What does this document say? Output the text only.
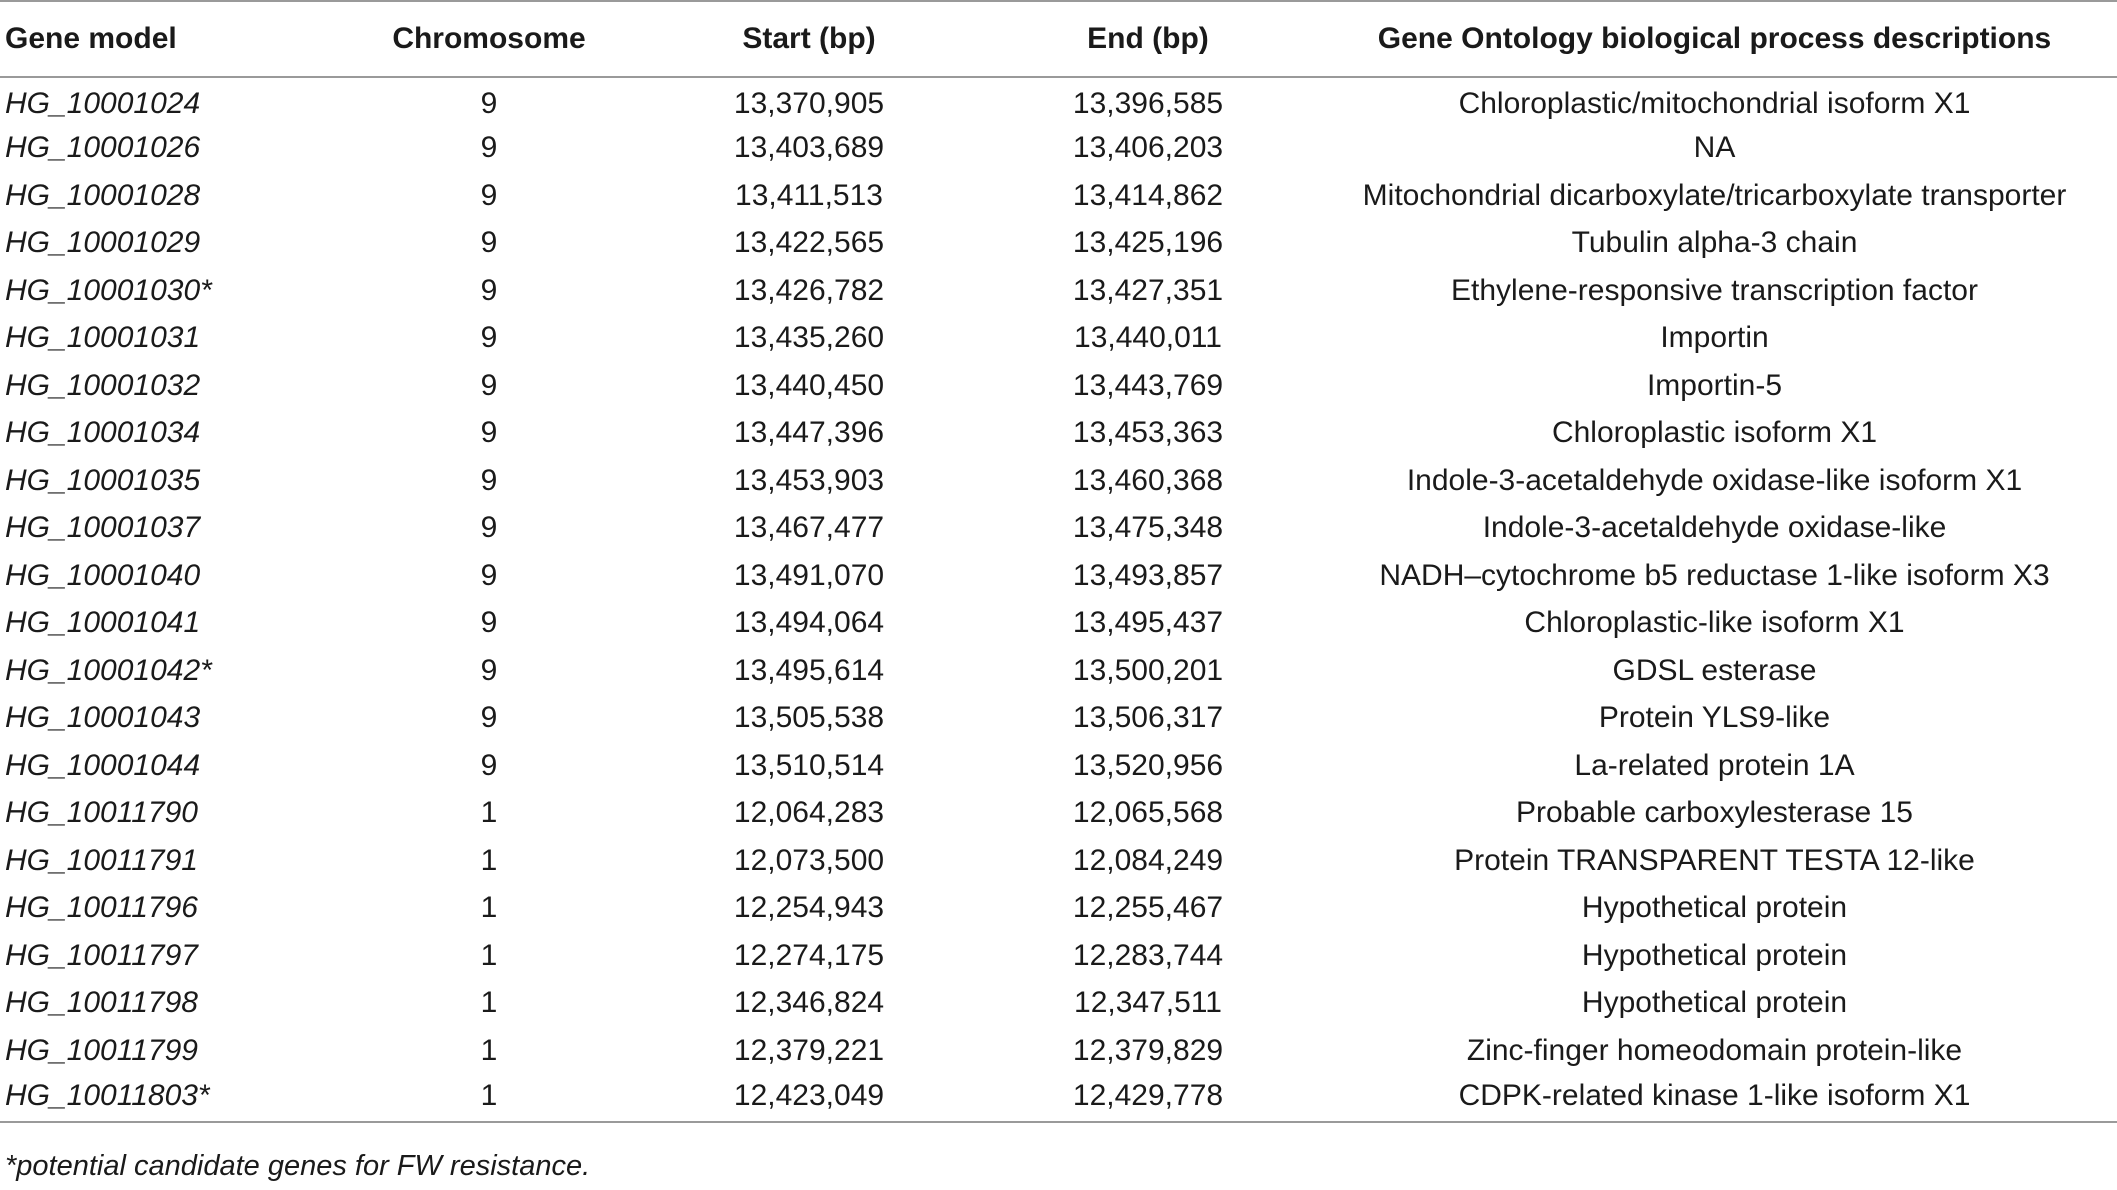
Gene model	Chromosome	Start (bp)	End (bp)	Gene Ontology biological process descriptions
HG_10001024	9	13,370,905	13,396,585	Chloroplastic/mitochondrial isoform X1
HG_10001026	9	13,403,689	13,406,203	NA
HG_10001028	9	13,411,513	13,414,862	Mitochondrial dicarboxylate/tricarboxylate transporter
HG_10001029	9	13,422,565	13,425,196	Tubulin alpha-3 chain
HG_10001030*	9	13,426,782	13,427,351	Ethylene-responsive transcription factor
HG_10001031	9	13,435,260	13,440,011	Importin
HG_10001032	9	13,440,450	13,443,769	Importin-5
HG_10001034	9	13,447,396	13,453,363	Chloroplastic isoform X1
HG_10001035	9	13,453,903	13,460,368	Indole-3-acetaldehyde oxidase-like isoform X1
HG_10001037	9	13,467,477	13,475,348	Indole-3-acetaldehyde oxidase-like
HG_10001040	9	13,491,070	13,493,857	NADH–cytochrome b5 reductase 1-like isoform X3
HG_10001041	9	13,494,064	13,495,437	Chloroplastic-like isoform X1
HG_10001042*	9	13,495,614	13,500,201	GDSL esterase
HG_10001043	9	13,505,538	13,506,317	Protein YLS9-like
HG_10001044	9	13,510,514	13,520,956	La-related protein 1A
HG_10011790	1	12,064,283	12,065,568	Probable carboxylesterase 15
HG_10011791	1	12,073,500	12,084,249	Protein TRANSPARENT TESTA 12-like
HG_10011796	1	12,254,943	12,255,467	Hypothetical protein
HG_10011797	1	12,274,175	12,283,744	Hypothetical protein
HG_10011798	1	12,346,824	12,347,511	Hypothetical protein
HG_10011799	1	12,379,221	12,379,829	Zinc-finger homeodomain protein-like
HG_10011803*	1	12,423,049	12,429,778	CDPK-related kinase 1-like isoform X1
*potential candidate genes for FW resistance.
